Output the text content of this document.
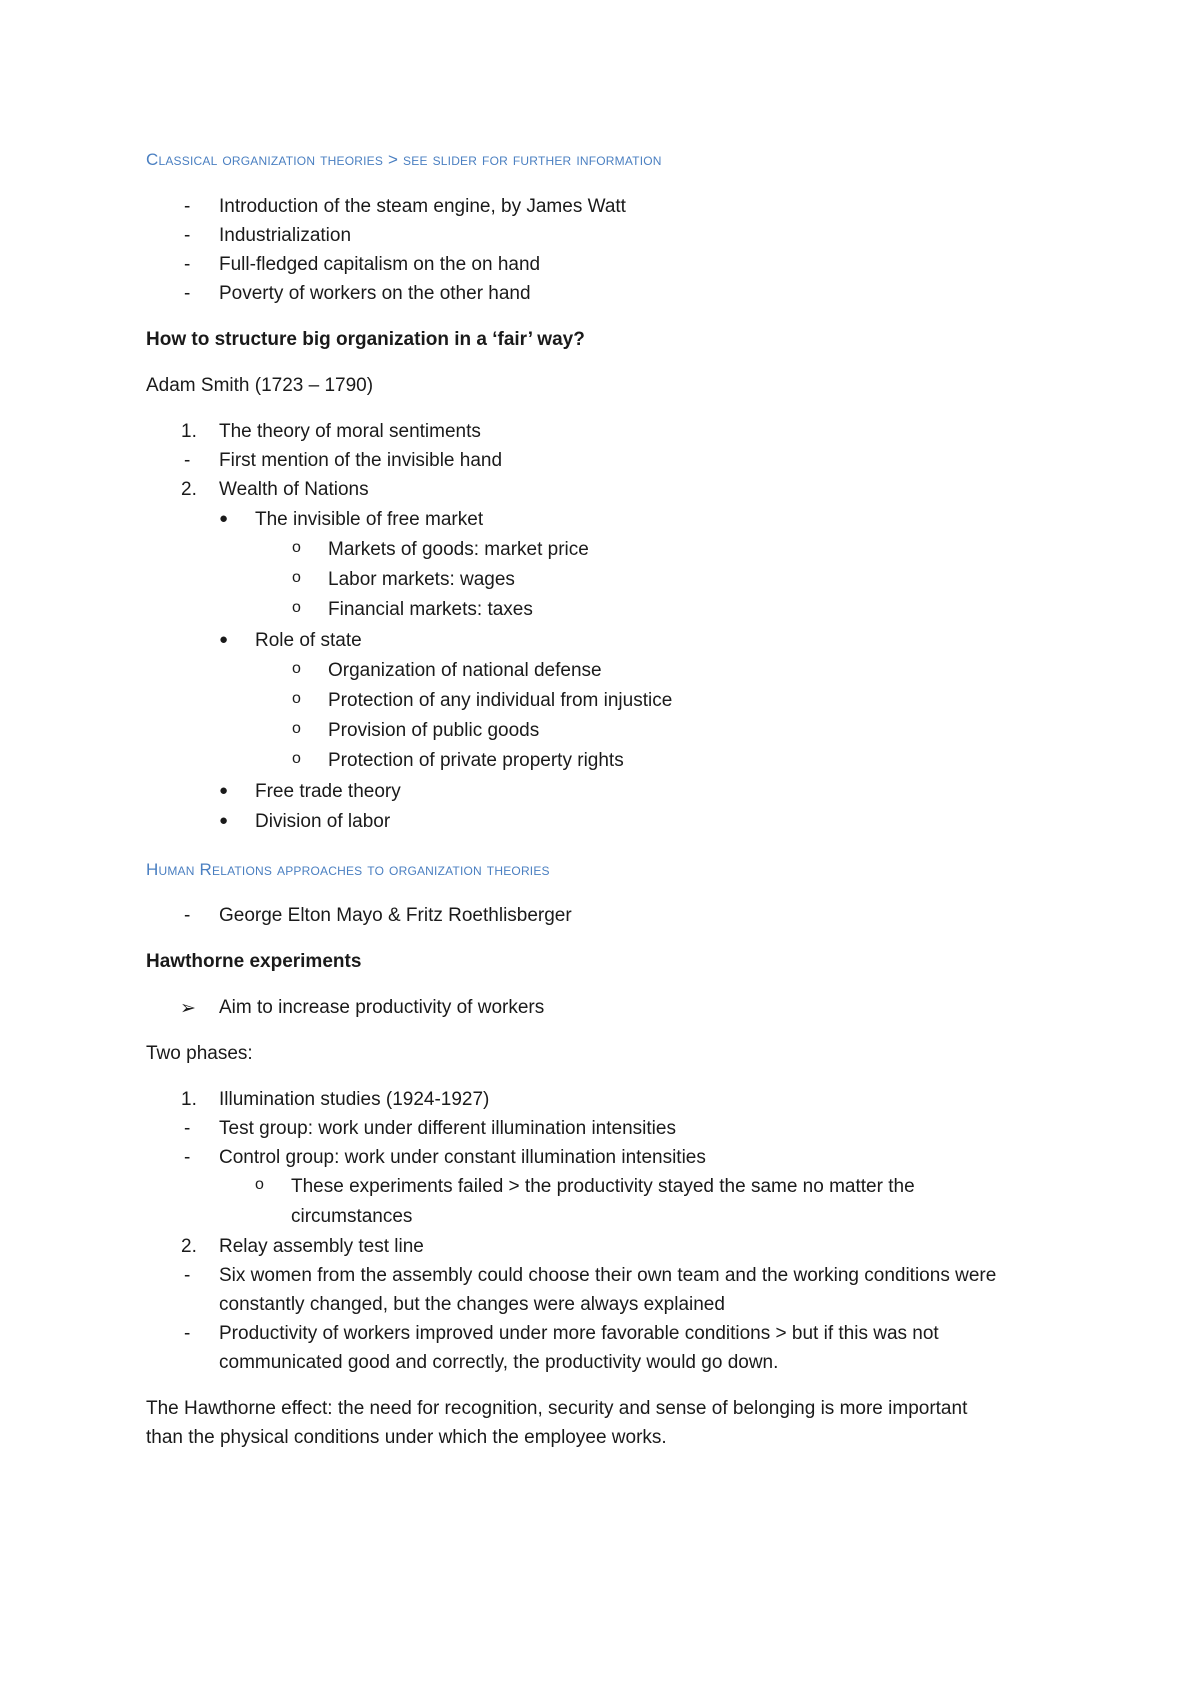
Classical organization theories > see slider for further information
- Introduction of the steam engine, by James Watt
- Industrialization
- Full-fledged capitalism on the on hand
- Poverty of workers on the other hand
How to structure big organization in a ‘fair’ way?
Adam Smith (1723 – 1790)
1. The theory of moral sentiments
- First mention of the invisible hand
2. Wealth of Nations
● The invisible of free market
o Markets of goods: market price
o Labor markets: wages
o Financial markets: taxes
● Role of state
o Organization of national defense
o Protection of any individual from injustice
o Provision of public goods
o Protection of private property rights
● Free trade theory
● Division of labor
Human Relations approaches to organization theories
- George Elton Mayo & Fritz Roethlisberger
Hawthorne experiments
➢ Aim to increase productivity of workers
Two phases:
1. Illumination studies (1924-1927)
- Test group: work under different illumination intensities
- Control group: work under constant illumination intensities
o These experiments failed > the productivity stayed the same no matter the
circumstances
2. Relay assembly test line
- Six women from the assembly could choose their own team and the working conditions were
constantly changed, but the changes were always explained
- Productivity of workers improved under more favorable conditions > but if this was not
communicated good and correctly, the productivity would go down.
The Hawthorne effect: the need for recognition, security and sense of belonging is more important
than the physical conditions under which the employee works.
